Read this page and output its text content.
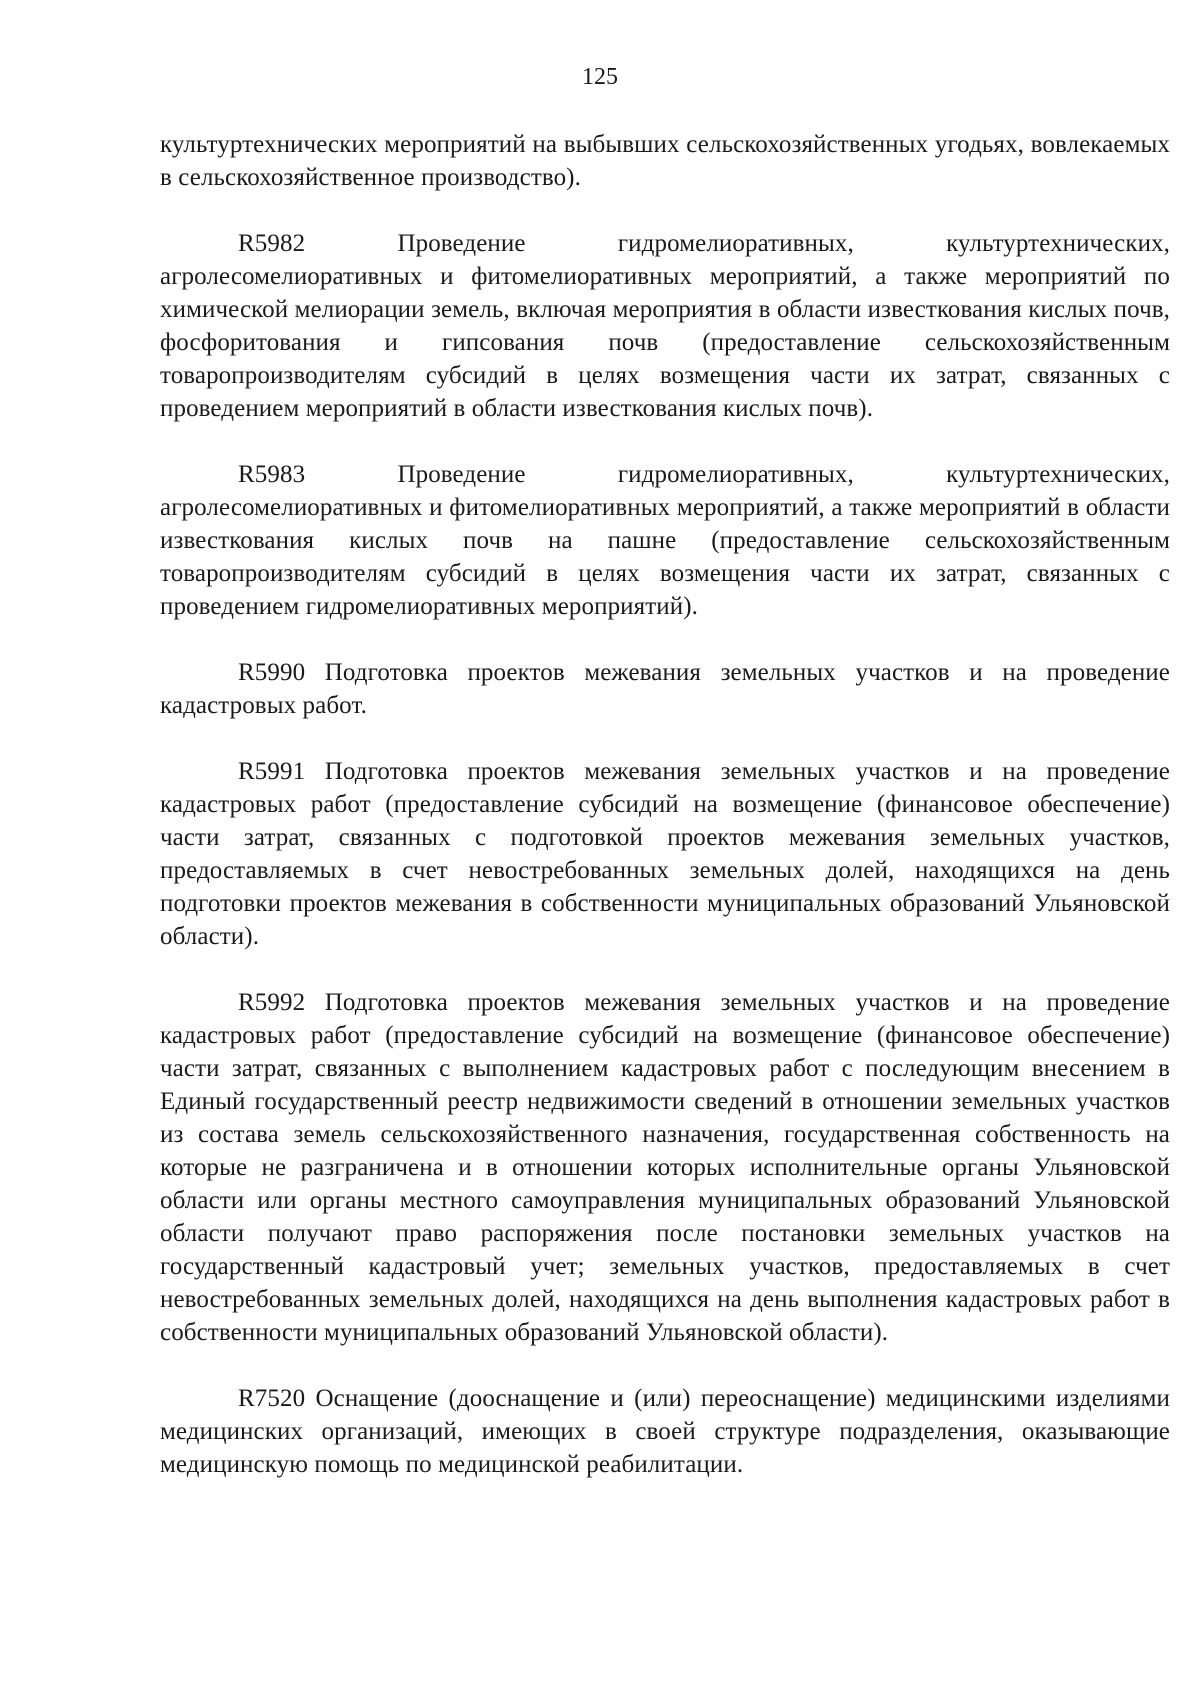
125

культуртехнических мероприятий на выбывших сельскохозяйственных угодьях, вовлекаемых в сельскохозяйственное производство).

R5982	Проведение гидромелиоративных, культуртехнических, агролесомелиоративных и фитомелиоративных мероприятий, а также мероприятий по химической мелиорации земель, включая мероприятия в области известкования кислых почв, фосфоритования и гипсования почв (предоставление сельскохозяйственным товаропроизводителям субсидий в целях возмещения части их затрат, связанных с проведением мероприятий в области известкования кислых почв).

R5983	Проведение гидромелиоративных, культуртехнических, агролесомелиоративных и фитомелиоративных мероприятий, а также мероприятий в области известкования кислых почв на пашне (предоставление сельскохозяйственным товаропроизводителям субсидий в целях возмещения части их затрат, связанных с проведением гидромелиоративных мероприятий).

R5990 Подготовка проектов межевания земельных участков и на проведение кадастровых работ.

R5991 Подготовка проектов межевания земельных участков и на проведение кадастровых работ (предоставление субсидий на возмещение (финансовое обеспечение) части затрат, связанных с подготовкой проектов межевания земельных участков, предоставляемых в счет невостребованных земельных долей, находящихся на день подготовки проектов межевания в собственности муниципальных образований Ульяновской области).

R5992 Подготовка проектов межевания земельных участков и на проведение кадастровых работ (предоставление субсидий на возмещение (финансовое обеспечение) части затрат, связанных с выполнением кадастровых работ с последующим внесением в Единый государственный реестр недвижимости сведений в отношении земельных участков из состава земель сельскохозяйственного назначения, государственная собственность на которые не разграничена и в отношении которых исполнительные органы Ульяновской области или органы местного самоуправления муниципальных образований Ульяновской области получают право распоряжения после постановки земельных участков на государственный кадастровый учет; земельных участков, предоставляемых в счет невостребованных земельных долей, находящихся на день выполнения кадастровых работ в собственности муниципальных образований Ульяновской области).

R7520 Оснащение (дооснащение и (или) переоснащение) медицинскими изделиями медицинских организаций, имеющих в своей структуре подразделения, оказывающие медицинскую помощь по медицинской реабилитации.
